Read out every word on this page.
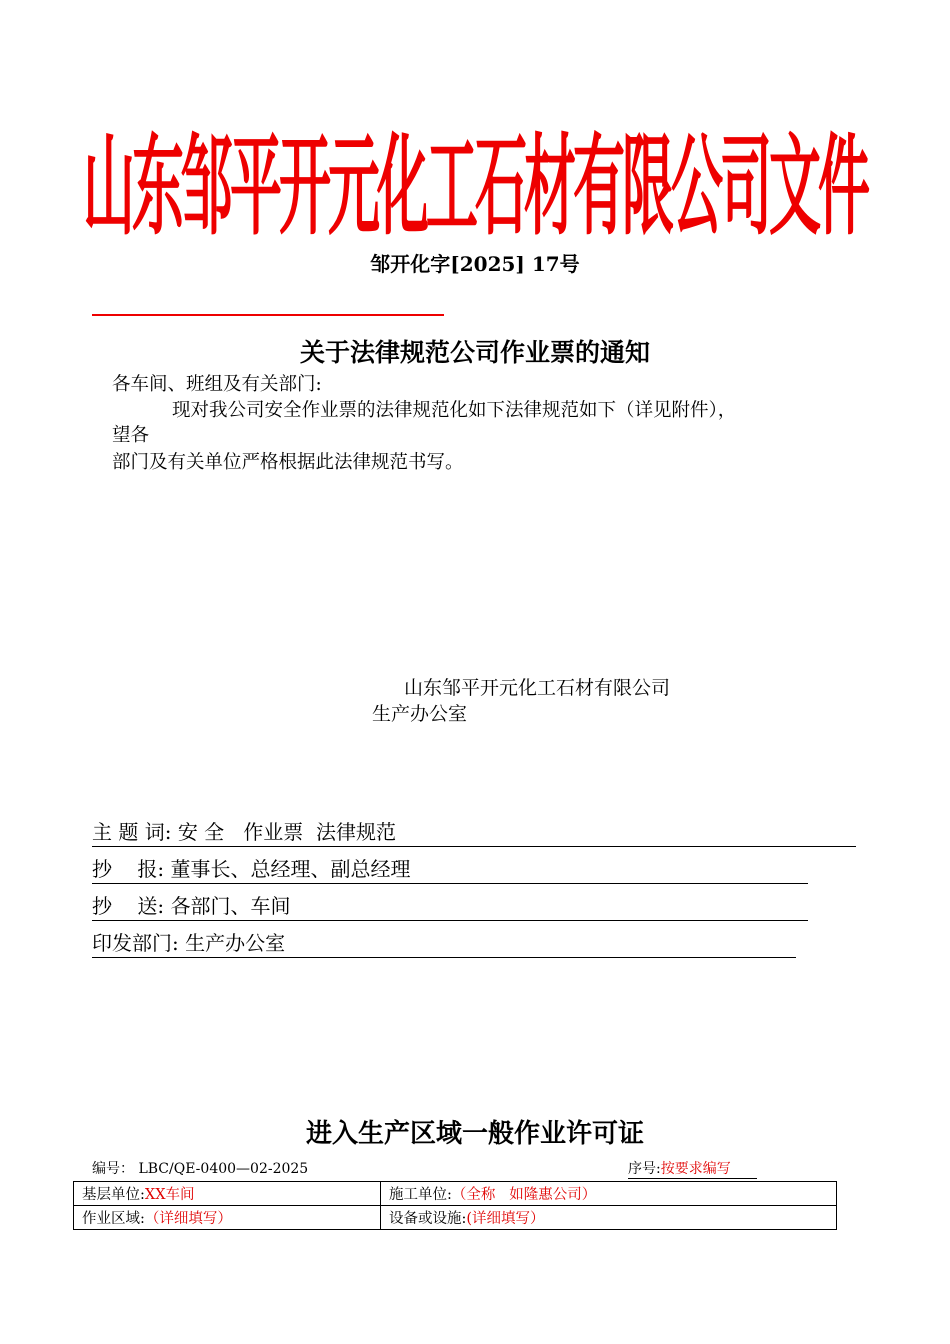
山东邹平开元化工石材有限公司文件
邹开化字[2025] 17号
关于法律规范公司作业票的通知
各车间、班组及有关部门:
现对我公司安全作业票的法律规范化如下法律规范如下（详见附件），
望各
部门及有关单位严格根据此法律规范书写。
山东邹平开元化工石材有限公司
生产办公室
主 题 词: 安 全   作业票  法律规范
抄    报: 董事长、总经理、副总经理
抄    送: 各部门、车间
印发部门: 生产办公室
进入生产区域一般作业许可证
编号： LBC/QE-0400—02-2025	序号:按要求编写
基层单位:XX车间	施工单位:（全称   如隆惠公司）
作业区域:（详细填写）	设备或设施:(详细填写）
